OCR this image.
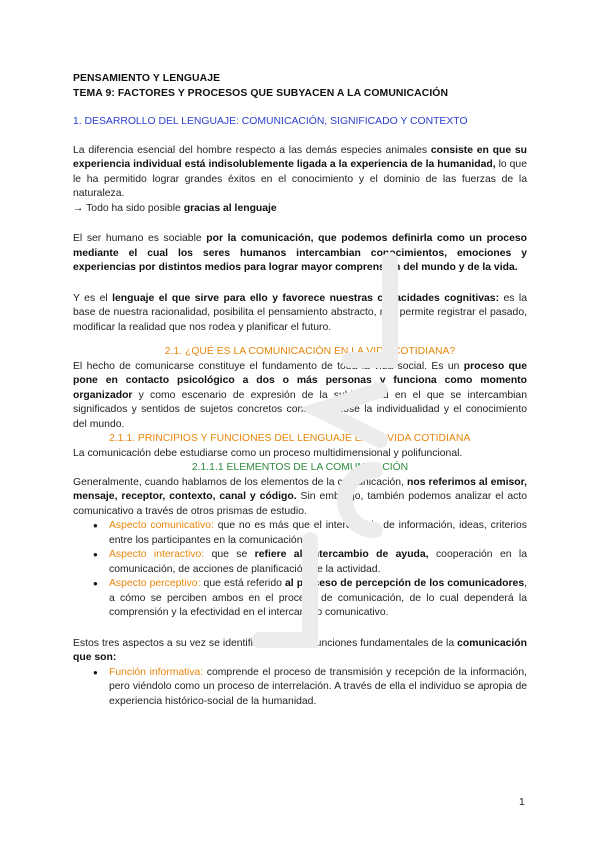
PENSAMIENTO Y LENGUAJE

TEMA 9: FACTORES Y PROCESOS QUE SUBYACEN A LA COMUNICACIÓN

1. DESARROLLO DEL LENGUAJE: COMUNICACIÓN, SIGNIFICADO Y CONTEXTO

La diferencia esencial del hombre respecto a las demás especies animales consiste en que su experiencia individual está indisolublemente ligada a la experiencia de la humanidad, lo que le ha permitido lograr grandes éxitos en el conocimiento y el dominio de las fuerzas de la naturaleza.

→ Todo ha sido posible gracias al lenguaje

El ser humano es sociable por la comunicación, que podemos definirla como un proceso mediante el cual los seres humanos intercambian conocimientos, emociones y experiencias por distintos medios para lograr mayor comprensión del mundo y de la vida.

Y es el lenguaje el que sirve para ello y favorece nuestras capacidades cognitivas: es la base de nuestra racionalidad, posibilita el pensamiento abstracto, nos permite registrar el pasado, modificar la realidad que nos rodea y planificar el futuro.

2.1. ¿QUÉ ES LA COMUNICACIÓN EN LA VIDA COTIDIANA?

El hecho de comunicarse constituye el fundamento de toda la vida social. Es un proceso que pone en contacto psicológico a dos o más personas y funciona como momento organizador y como escenario de expresión de la subjetividad en el que se intercambian significados y sentidos de sujetos concretos construyéndose la individualidad y el conocimiento del mundo.

2.1.1. PRINCIPIOS Y FUNCIONES DEL LENGUAJE EN LA VIDA COTIDIANA

La comunicación debe estudiarse como un proceso multidimensional y polifuncional.

2.1.1.1 ELEMENTOS DE LA COMUNICACIÓN

Generalmente, cuando hablamos de los elementos de la comunicación, nos referimos al emisor, mensaje, receptor, contexto, canal y código. Sin embargo, también podemos analizar el acto comunicativo a través de otros prismas de estudio.

● Aspecto comunicativo: que no es más que el intercambio de información, ideas, criterios entre los participantes en la comunicación.
● Aspecto interactivo: que se refiere al intercambio de ayuda, cooperación en la comunicación, de acciones de planificación de la actividad.
● Aspecto perceptivo: que está referido al proceso de percepción de los comunicadores, a cómo se perciben ambos en el proceso de comunicación, de lo cual dependerá la comprensión y la efectividad en el intercambio comunicativo.

Estos tres aspectos a su vez se identifican con tres funciones fundamentales de la comunicación que son:

● Función informativa: comprende el proceso de transmisión y recepción de la información, pero viéndolo como un proceso de interrelación. A través de ella el individuo se apropia de experiencia histórico-social de la humanidad.
1
